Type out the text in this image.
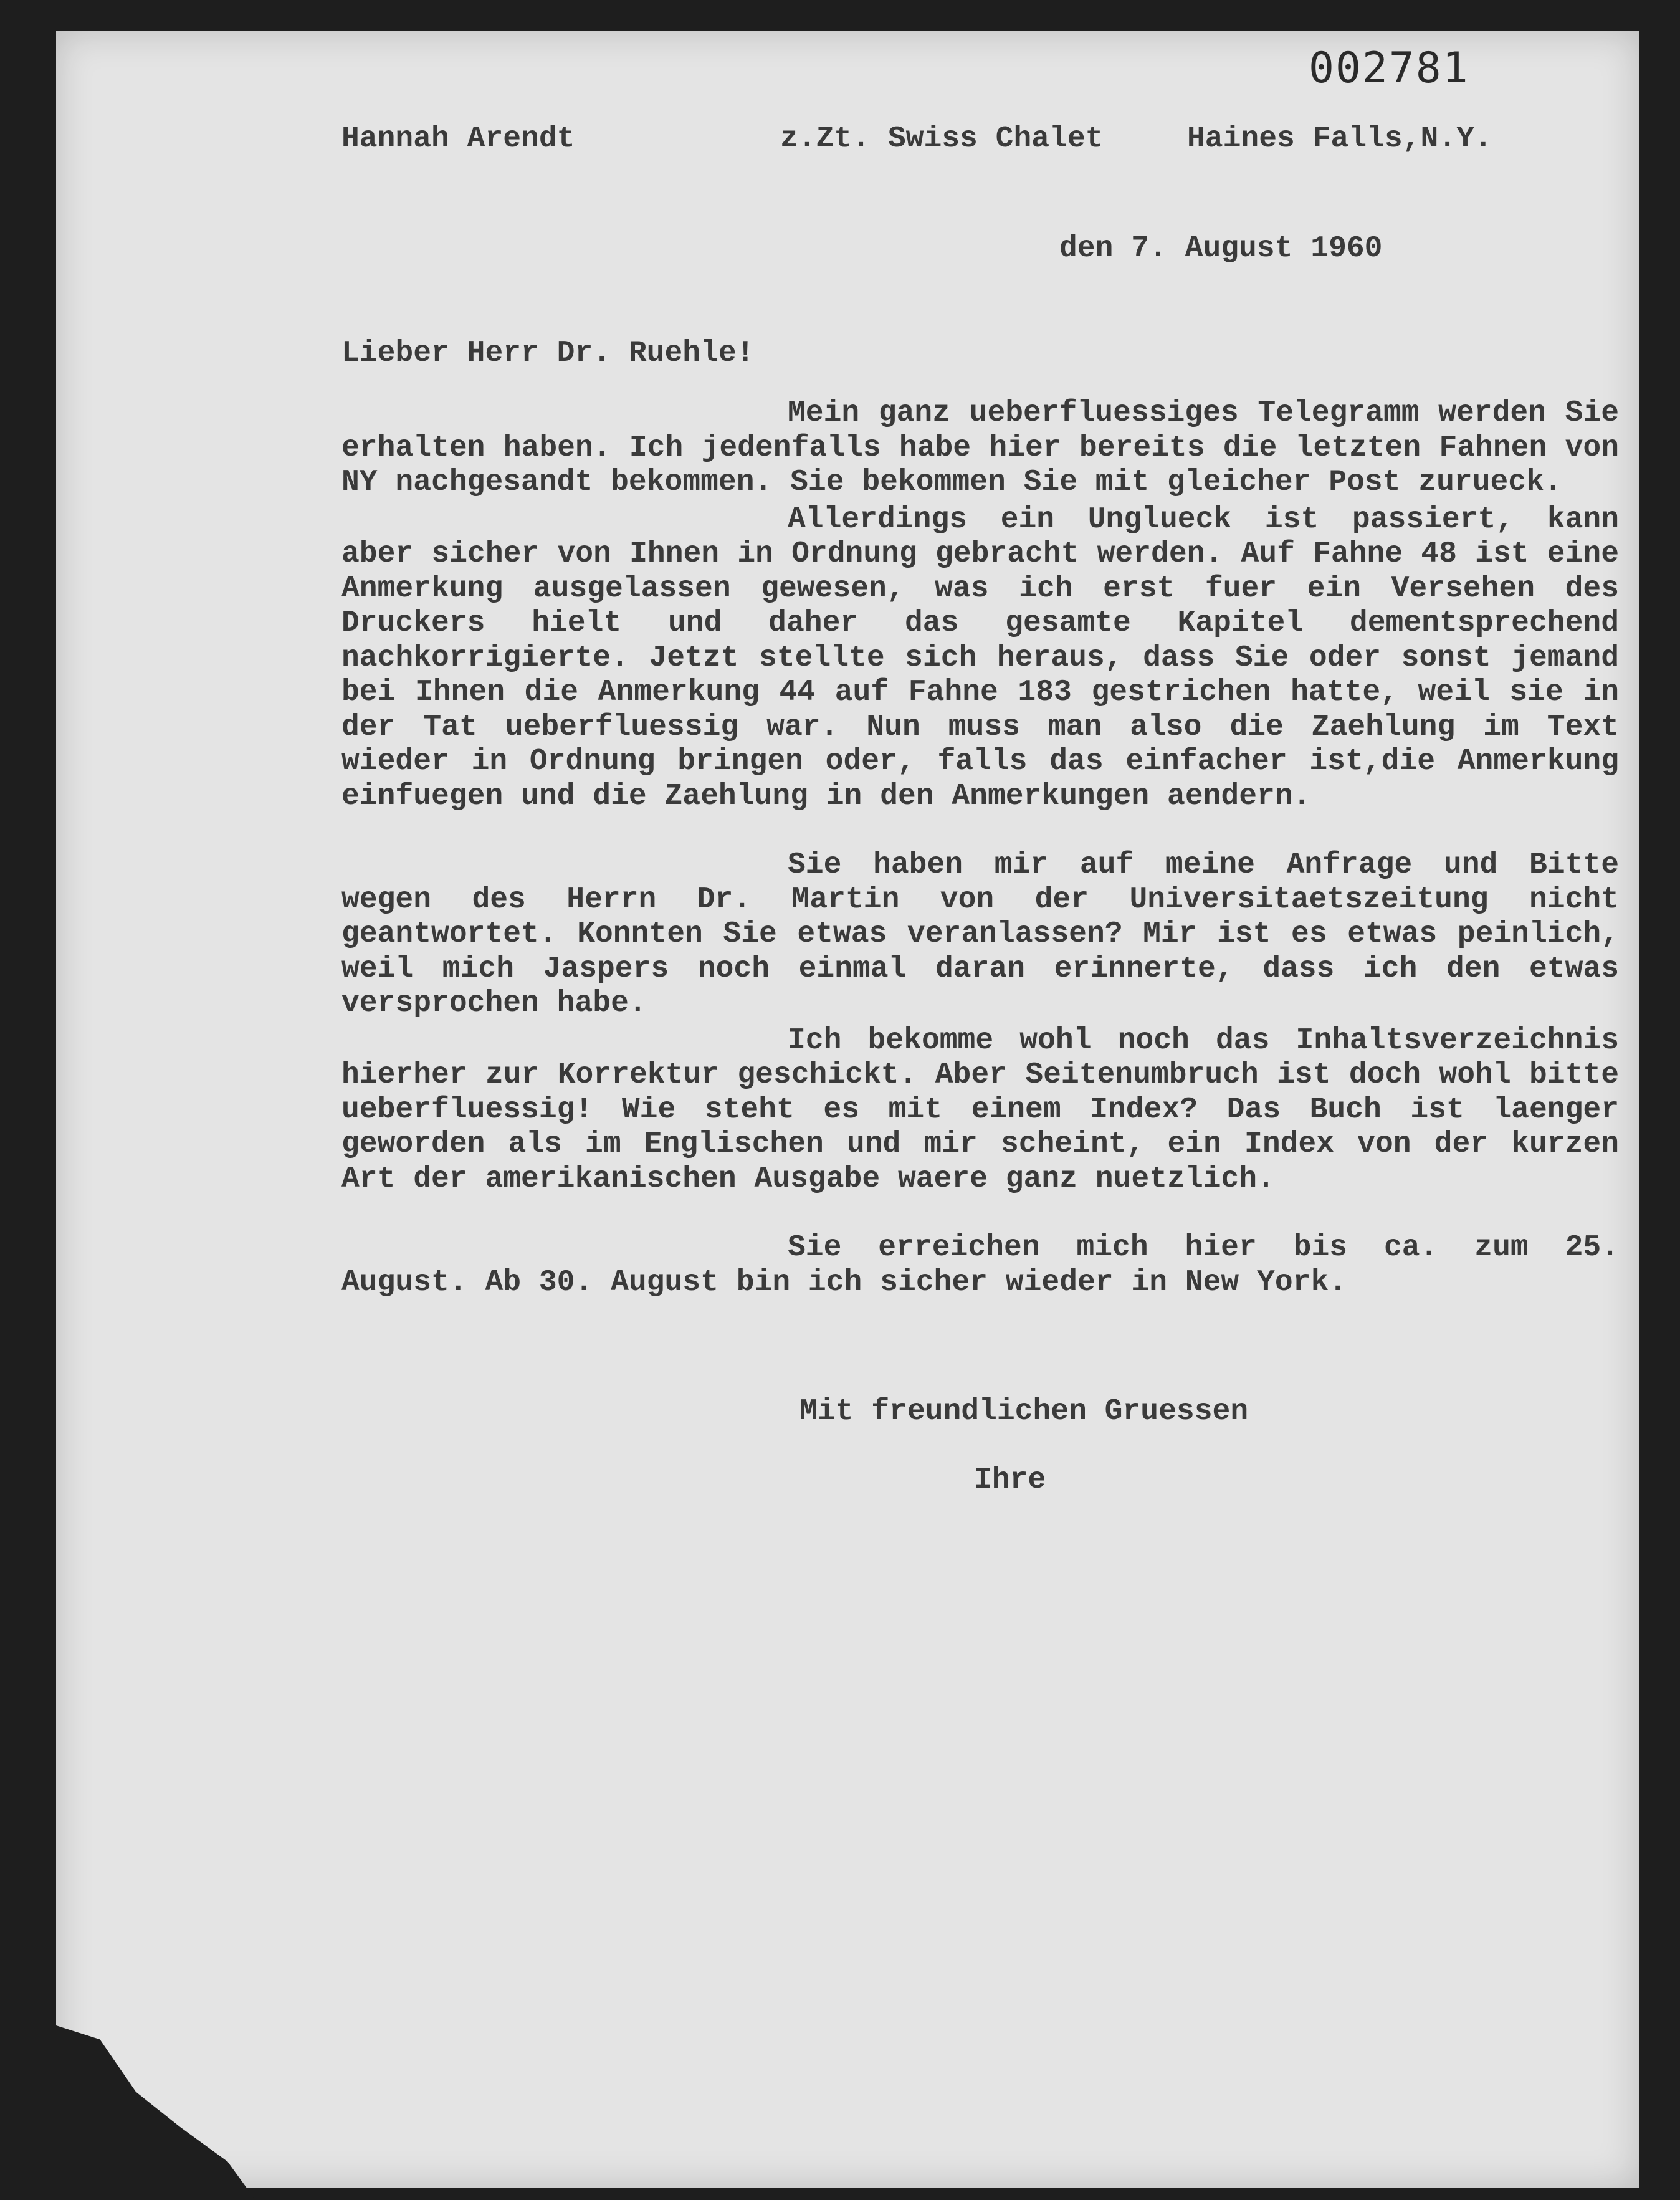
002781
Hannah Arendt	z.Zt. Swiss Chalet	Haines Falls,N.Y.
den 7. August 1960
Lieber Herr Dr. Ruehle!

Mein ganz ueberfluessiges Telegramm werden Sie erhalten haben. Ich jedenfalls habe hier bereits die letzten Fahnen von NY nachgesandt bekommen. Sie bekommen Sie mit gleicher Post zurueck.

Allerdings ein Unglueck ist passiert, kann aber sicher von Ihnen in Ordnung gebracht werden. Auf Fahne 48 ist eine Anmerkung ausgelassen gewesen, was ich erst fuer ein Versehen des Druckers hielt und daher das gesamte Kapitel dementsprechend nachkorrigierte. Jetzt stellte sich heraus, dass Sie oder sonst jemand bei Ihnen die Anmerkung 44 auf Fahne 183 gestrichen hatte, weil sie in der Tat ueberfluessig war. Nun muss man also die Zaehlung im Text wieder in Ordnung bringen oder, falls das einfacher ist,die Anmerkung einfuegen und die Zaehlung in den Anmerkungen aendern.

Sie haben mir auf meine Anfrage und Bitte wegen des Herrn Dr. Martin von der Universitaetszeitung nicht geantwortet. Konnten Sie etwas veranlassen? Mir ist es etwas peinlich, weil mich Jaspers noch einmal daran erinnerte, dass ich den etwas versprochen habe.

Ich bekomme wohl noch das Inhaltsverzeichnis hierher zur Korrektur geschickt. Aber Seitenumbruch ist doch wohl bitte ueberfluessig! Wie steht es mit einem Index? Das Buch ist laenger geworden als im Englischen und mir scheint, ein Index von der kurzen Art der amerikanischen Ausgabe waere ganz nuetzlich.

Sie erreichen mich hier bis ca. zum 25. August. Ab 30. August bin ich sicher wieder in New York.

Mit freundlichen Gruessen
Ihre
